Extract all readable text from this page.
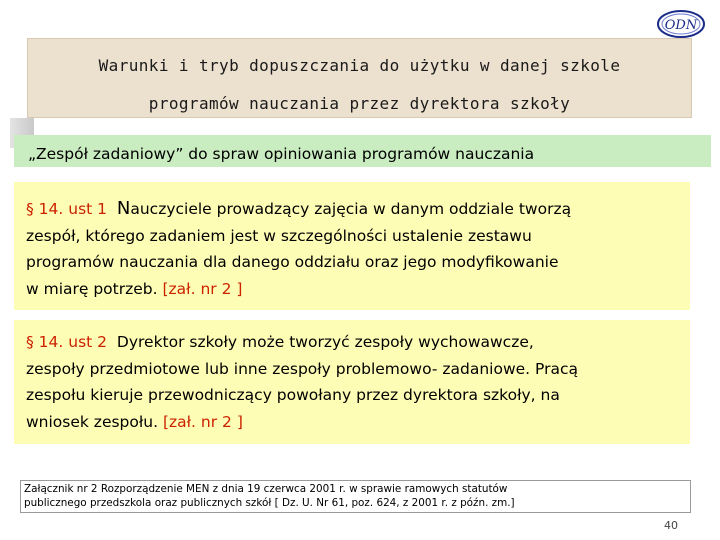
ODN
Warunki i tryb dopuszczania do użytku w danej szkole
programów nauczania przez dyrektora szkoły
„Zespół zadaniowy” do spraw opiniowania programów nauczania
§ 14. ust 1 Nauczyciele prowadzący zajęcia w danym oddziale tworzą
zespół, którego zadaniem jest w szczególności ustalenie zestawu
programów nauczania dla danego oddziału oraz jego modyfikowanie
w miarę potrzeb. [zał. nr 2 ]
§ 14. ust 2 Dyrektor szkoły może tworzyć zespoły wychowawcze,
zespoły przedmiotowe lub inne zespoły problemowo- zadaniowe. Pracą
zespołu kieruje przewodniczący powołany przez dyrektora szkoły, na
wniosek zespołu. [zał. nr 2 ]
Załącznik nr 2 Rozporządzenie MEN z dnia 19 czerwca 2001 r. w sprawie ramowych statutów
publicznego przedszkola oraz publicznych szkół [ Dz. U. Nr 61, poz. 624, z 2001 r. z późn. zm.]
40
